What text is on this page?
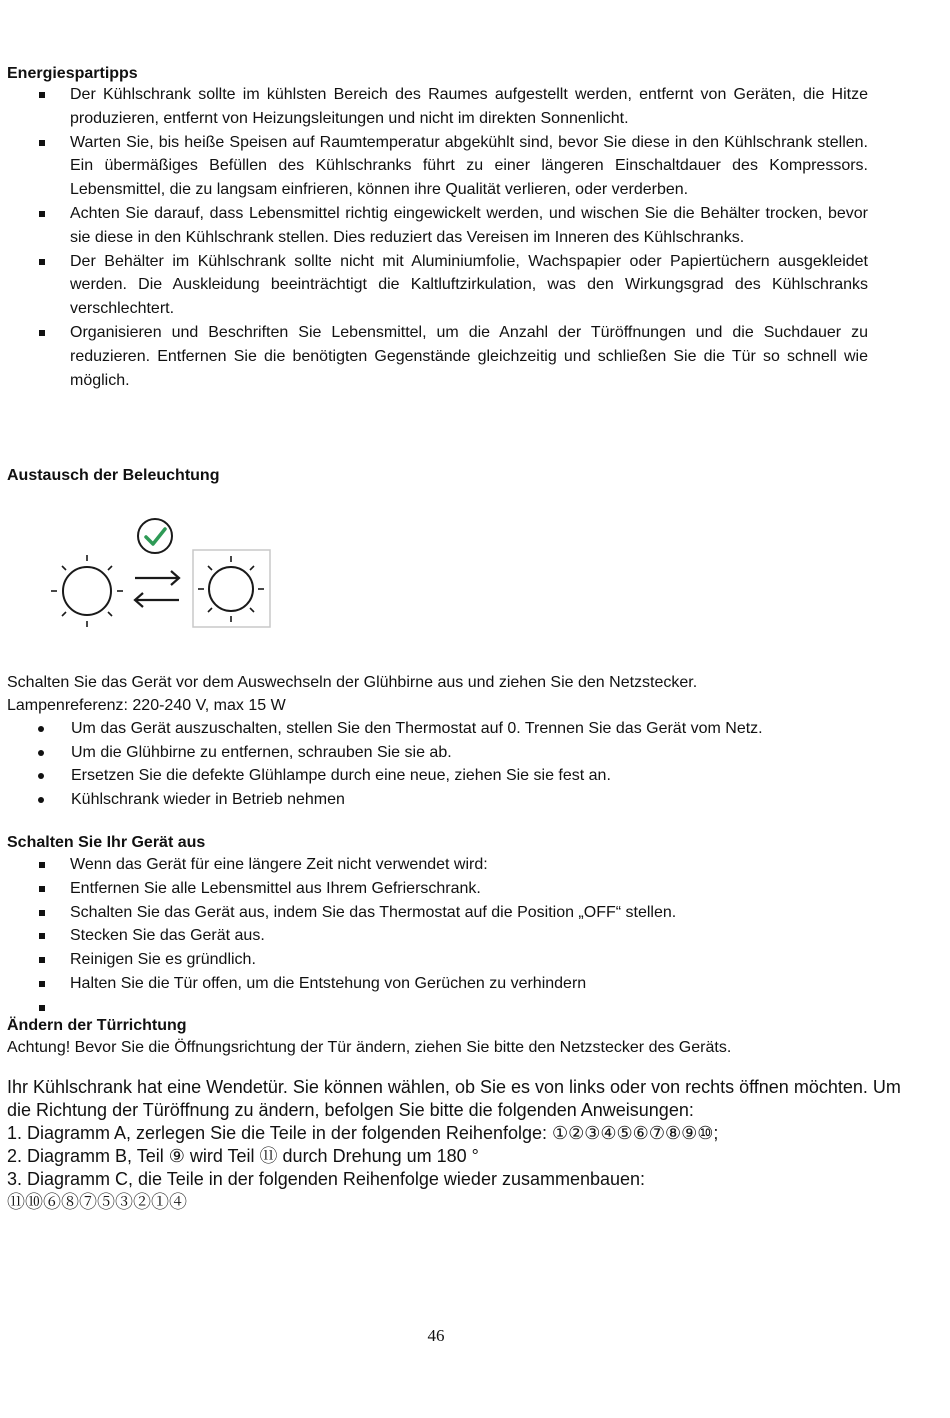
Energiespartipps
Der Kühlschrank sollte im kühlsten Bereich des Raumes aufgestellt werden, entfernt von Geräten, die Hitze produzieren, entfernt von Heizungsleitungen und nicht im direkten Sonnenlicht.
Warten Sie, bis heiße Speisen auf Raumtemperatur abgekühlt sind, bevor Sie diese in den Kühlschrank stellen. Ein übermäßiges Befüllen des Kühlschranks führt zu einer längeren Einschaltdauer des Kompressors. Lebensmittel, die zu langsam einfrieren, können ihre Qualität verlieren, oder verderben.
Achten Sie darauf, dass Lebensmittel richtig eingewickelt werden, und wischen Sie die Behälter trocken, bevor sie diese in den Kühlschrank stellen. Dies reduziert das Vereisen im Inneren des Kühlschranks.
Der Behälter im Kühlschrank sollte nicht mit Aluminiumfolie, Wachspapier oder Papiertüchern ausgekleidet werden. Die Auskleidung beeinträchtigt die Kaltluftzirkulation, was den Wirkungsgrad des Kühlschranks verschlechtert.
Organisieren und Beschriften Sie Lebensmittel, um die Anzahl der Türöffnungen und die Suchdauer zu reduzieren. Entfernen Sie die benötigten Gegenstände gleichzeitig und schließen Sie die Tür so schnell wie möglich.
Austausch der Beleuchtung

Schalten Sie das Gerät vor dem Auswechseln der Glühbirne aus und ziehen Sie den Netzstecker.

Lampenreferenz: 220-240 V, max 15 W

Um das Gerät auszuschalten, stellen Sie den Thermostat auf 0. Trennen Sie das Gerät vom Netz.
Um die Glühbirne zu entfernen, schrauben Sie sie ab.
Ersetzen Sie die defekte Glühlampe durch eine neue, ziehen Sie sie fest an.
Kühlschrank wieder in Betrieb nehmen
Schalten Sie Ihr Gerät aus
Wenn das Gerät für eine längere Zeit nicht verwendet wird:
Entfernen Sie alle Lebensmittel aus Ihrem Gefrierschrank.
Schalten Sie das Gerät aus, indem Sie das Thermostat auf die Position „OFF“ stellen.
Stecken Sie das Gerät aus.
Reinigen Sie es gründlich.
Halten Sie die Tür offen, um die Entstehung von Gerüchen zu verhindern
Ändern der Türrichtung

Achtung! Bevor Sie die Öffnungsrichtung der Tür ändern, ziehen Sie bitte den Netzstecker des Geräts.

Ihr Kühlschrank hat eine Wendetür. Sie können wählen, ob Sie es von links oder von rechts öffnen möchten. Um die Richtung der Türöffnung zu ändern, befolgen Sie bitte die folgenden Anweisungen:

1. Diagramm A, zerlegen Sie die Teile in der folgenden Reihenfolge: ①②③④⑤⑥⑦⑧⑨⑩;

2. Diagramm B, Teil ⑨ wird Teil ⑪ durch Drehung um 180 °

3. Diagramm C, die Teile in der folgenden Reihenfolge wieder zusammenbauen:

⑪⑩⑥⑧⑦⑤③②①④

46
